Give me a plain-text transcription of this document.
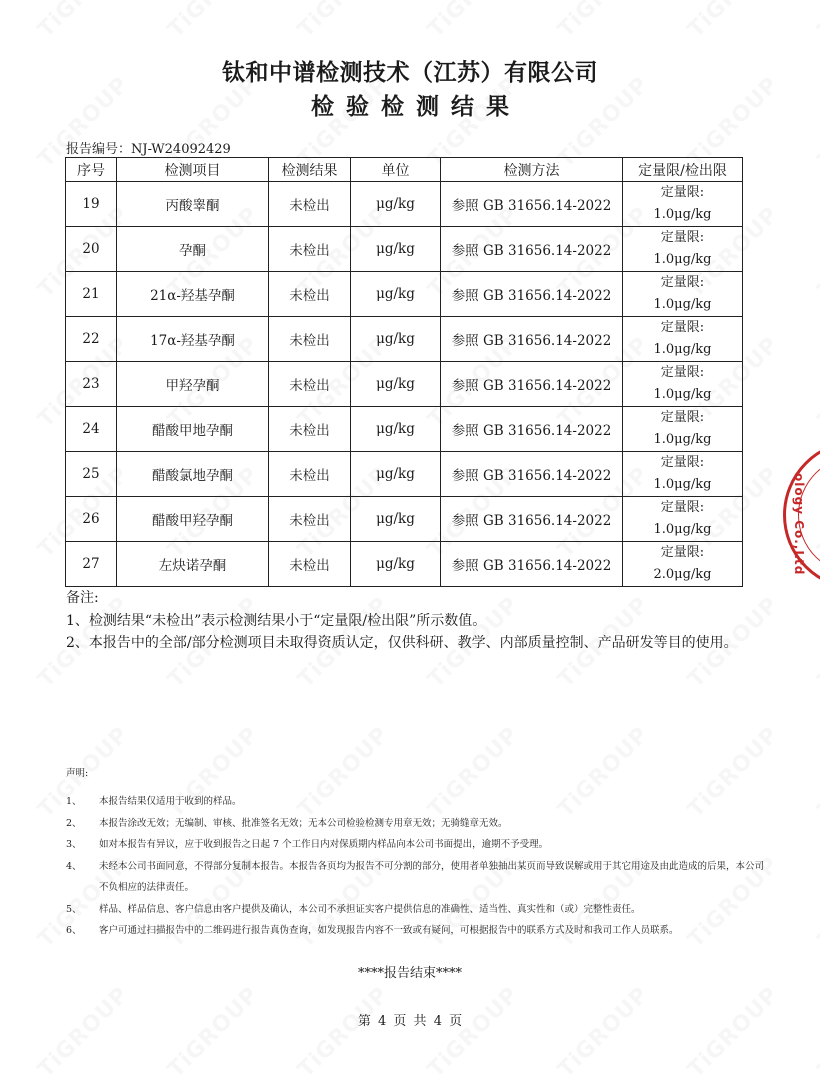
钛和中谱检测技术（江苏）有限公司
检验检测结果
报告编号：NJ-W24092429
序号	检测项目	检测结果	单位	检测方法	定量限/检出限
19	丙酸睾酮	未检出	μg/kg	参照 GB 31656.14-2022	定量限:
1.0μg/kg

20	孕酮	未检出	μg/kg	参照 GB 31656.14-2022	定量限:
1.0μg/kg

21	21α-羟基孕酮	未检出	μg/kg	参照 GB 31656.14-2022	定量限:
1.0μg/kg

22	17α-羟基孕酮	未检出	μg/kg	参照 GB 31656.14-2022	定量限:
1.0μg/kg

23	甲羟孕酮	未检出	μg/kg	参照 GB 31656.14-2022	定量限:
1.0μg/kg

24	醋酸甲地孕酮	未检出	μg/kg	参照 GB 31656.14-2022	定量限:
1.0μg/kg

25	醋酸氯地孕酮	未检出	μg/kg	参照 GB 31656.14-2022	定量限:
1.0μg/kg

26	醋酸甲羟孕酮	未检出	μg/kg	参照 GB 31656.14-2022	定量限:
1.0μg/kg

27	左炔诺孕酮	未检出	μg/kg	参照 GB 31656.14-2022	定量限:
2.0μg/kg

备注:

1、检测结果“未检出”表示检测结果小于“定量限/检出限”所示数值。

2、本报告中的全部/部分检测项目未取得资质认定，仅供科研、教学、内部质量控制、产品研发等目的使用。

声明:
1、	本报告结果仅适用于收到的样品。
2、	本报告涂改无效；无编制、审核、批准签名无效；无本公司检验检测专用章无效；无骑缝章无效。
3、	如对本报告有异议，应于收到报告之日起 7 个工作日内对保质期内样品向本公司书面提出，逾期不予受理。
4、	未经本公司书面同意，不得部分复制本报告。本报告各页均为报告不可分割的部分，使用者单独抽出某页而导致误解或用于其它用途及由此造成的后果，本公司不负相应的法律责任。
5、	样品、样品信息、客户信息由客户提供及确认，本公司不承担证实客户提供信息的准确性、适当性、真实性和（或）完整性责任。
6、	客户可通过扫描报告中的二维码进行报告真伪查询，如发现报告内容不一致或有疑问，可根据报告中的联系方式及时和我司工作人员联系。
****报告结束****
第 4 页 共 4 页
ology Co.,Ltd
